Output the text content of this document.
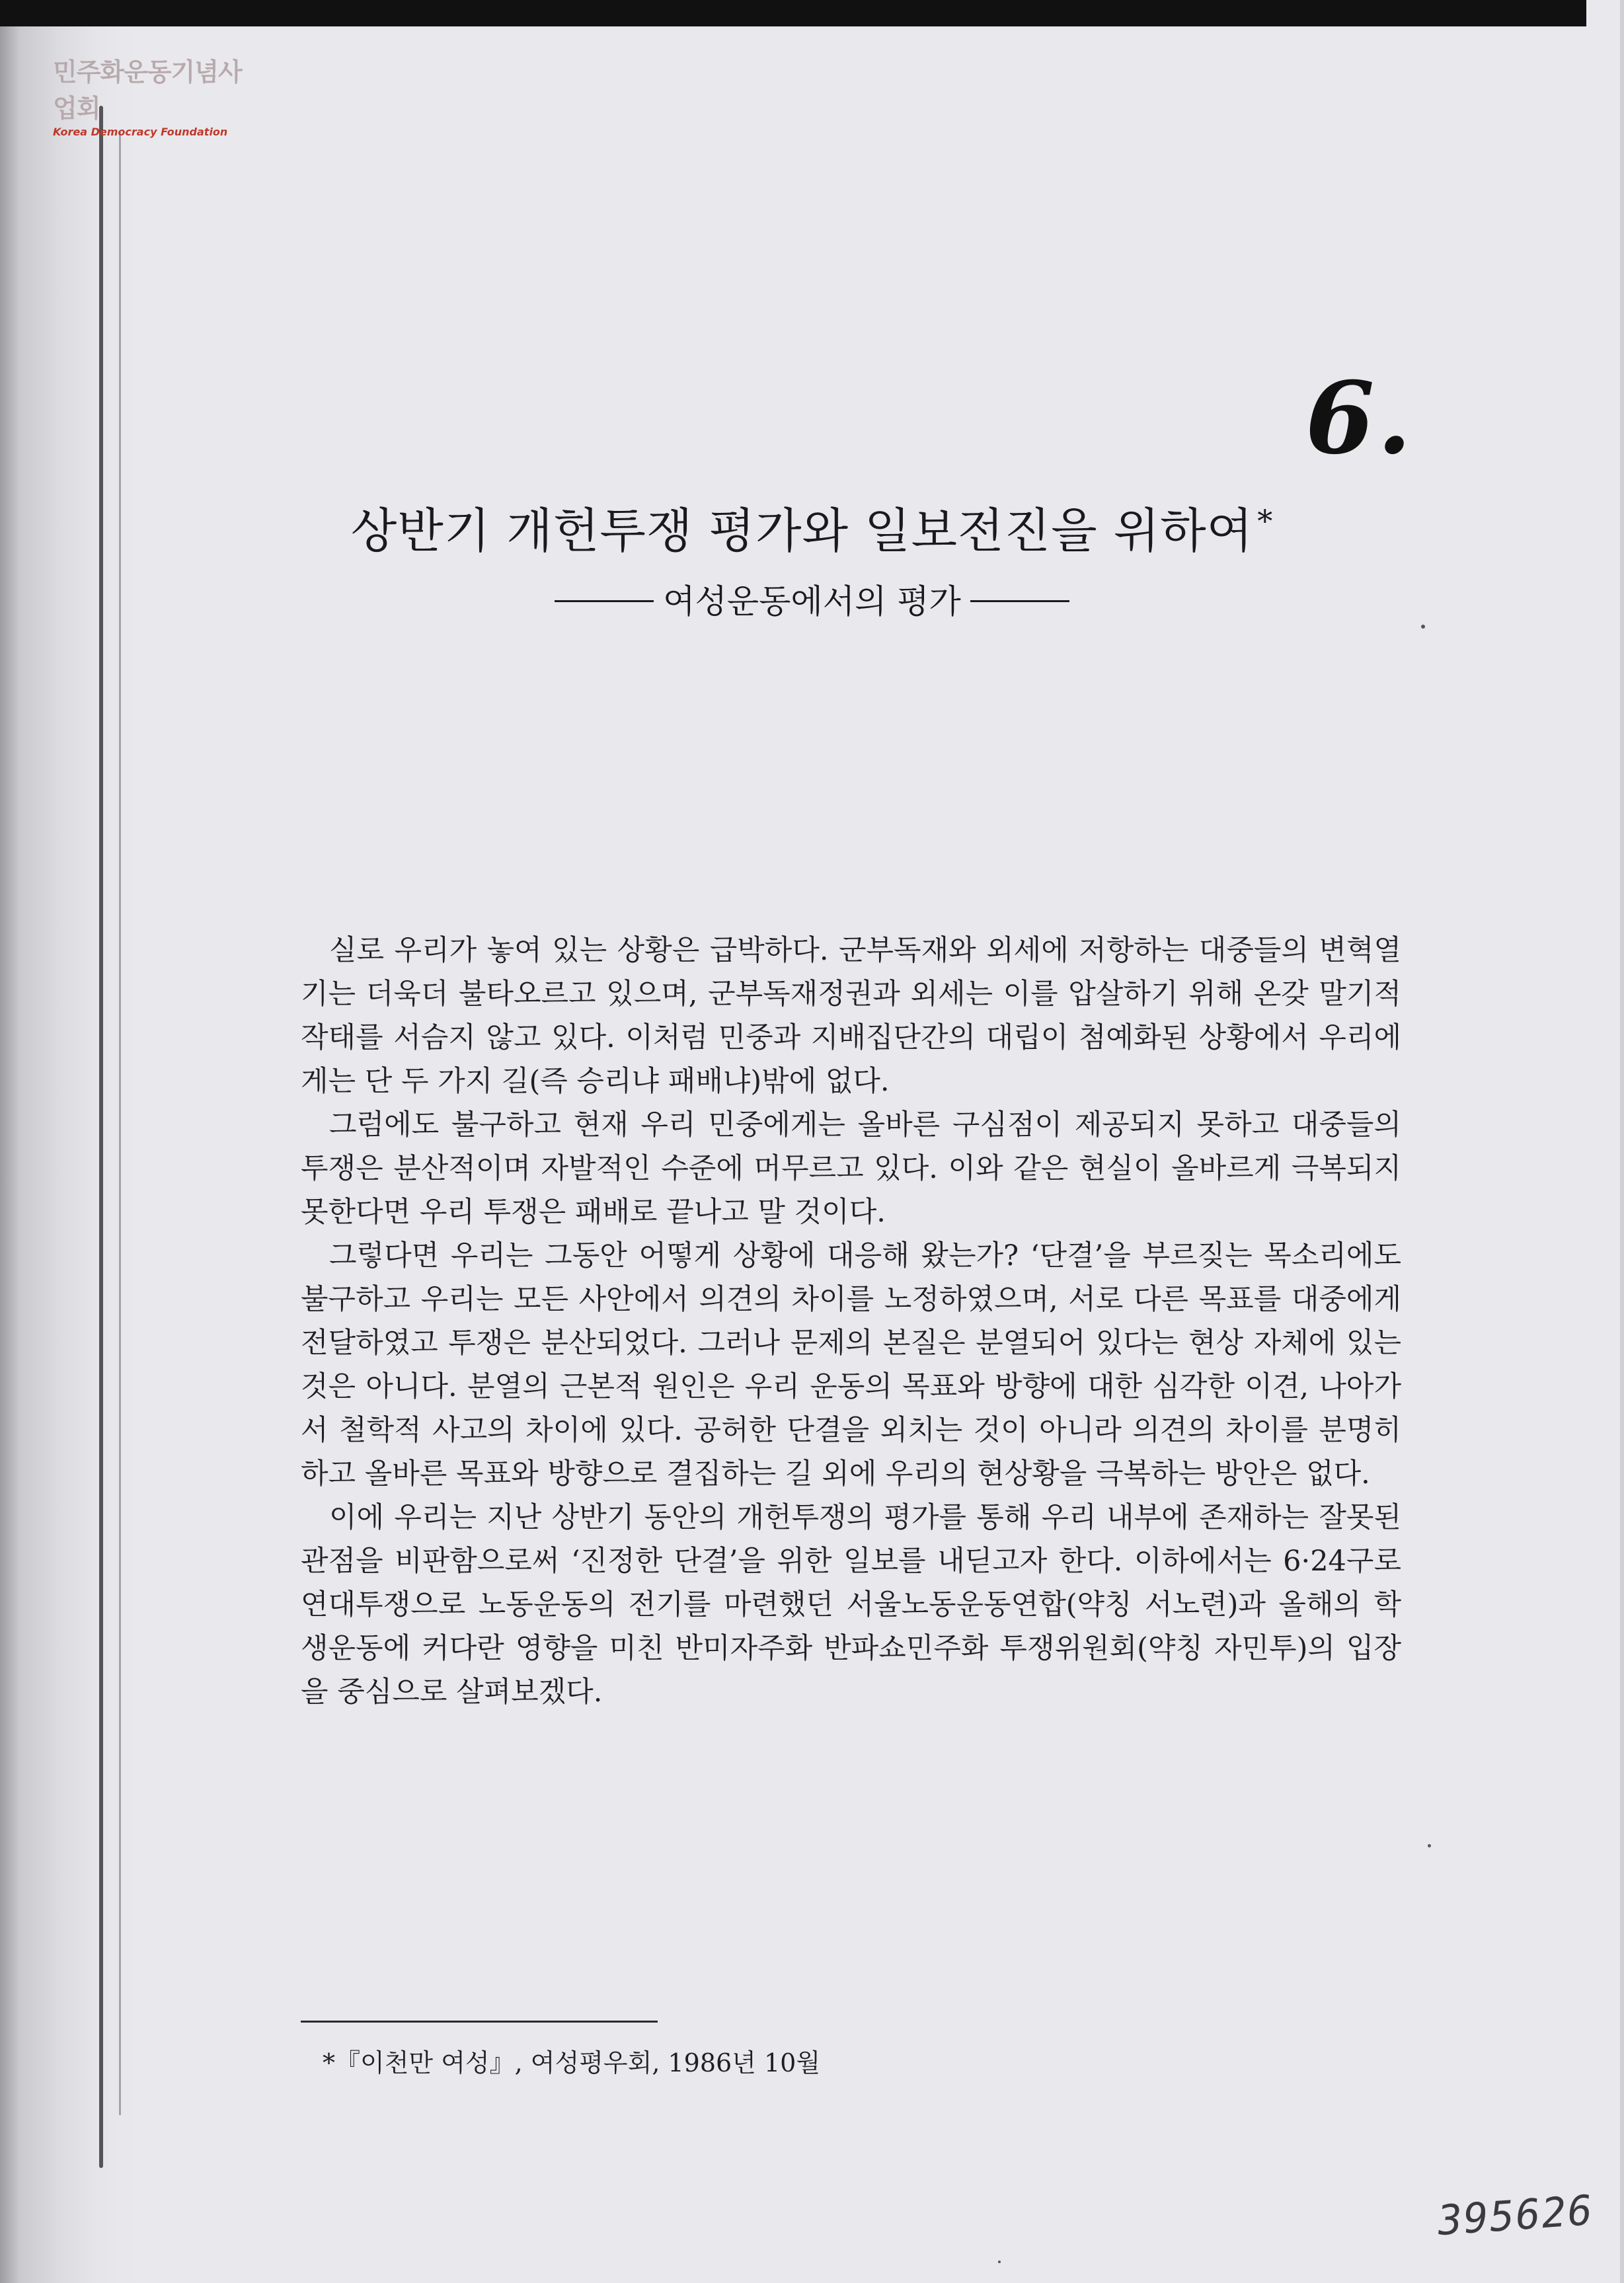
민주화운동기념사업회
Korea Democracy Foundation
6.
상반기 개헌투쟁 평가와 일보전진을 위하여 *
여성운동에서의 평가

실로 우리가 놓여 있는 상황은 급박하다. 군부독재와 외세에 저항하는 대중들의 변혁열기는 더욱더 불타오르고 있으며, 군부독재정권과 외세는 이를 압살하기 위해 온갖 말기적 작태를 서슴지 않고 있다. 이처럼 민중과 지배집단간의 대립이 첨예화된 상황에서 우리에게는 단 두 가지 길(즉 승리냐 패배냐)밖에 없다.

그럼에도 불구하고 현재 우리 민중에게는 올바른 구심점이 제공되지 못하고 대중들의 투쟁은 분산적이며 자발적인 수준에 머무르고 있다. 이와 같은 현실이 올바르게 극복되지 못한다면 우리 투쟁은 패배로 끝나고 말 것이다.

그렇다면 우리는 그동안 어떻게 상황에 대응해 왔는가? ‘단결’을 부르짖는 목소리에도 불구하고 우리는 모든 사안에서 의견의 차이를 노정하였으며, 서로 다른 목표를 대중에게 전달하였고 투쟁은 분산되었다. 그러나 문제의 본질은 분열되어 있다는 현상 자체에 있는 것은 아니다. 분열의 근본적 원인은 우리 운동의 목표와 방향에 대한 심각한 이견, 나아가서 철학적 사고의 차이에 있다. 공허한 단결을 외치는 것이 아니라 의견의 차이를 분명히 하고 올바른 목표와 방향으로 결집하는 길 외에 우리의 현상황을 극복하는 방안은 없다.

이에 우리는 지난 상반기 동안의 개헌투쟁의 평가를 통해 우리 내부에 존재하는 잘못된 관점을 비판함으로써 ‘진정한 단결’을 위한 일보를 내딛고자 한다. 이하에서는 6·24구로연대투쟁으로 노동운동의 전기를 마련했던 서울노동운동연합(약칭 서노련)과 올해의 학생운동에 커다란 영향을 미친 반미자주화 반파쇼민주화 투쟁위원회(약칭 자민투)의 입장을 중심으로 살펴보겠다.

*『이천만 여성』, 여성평우회, 1986년 10월
395626
